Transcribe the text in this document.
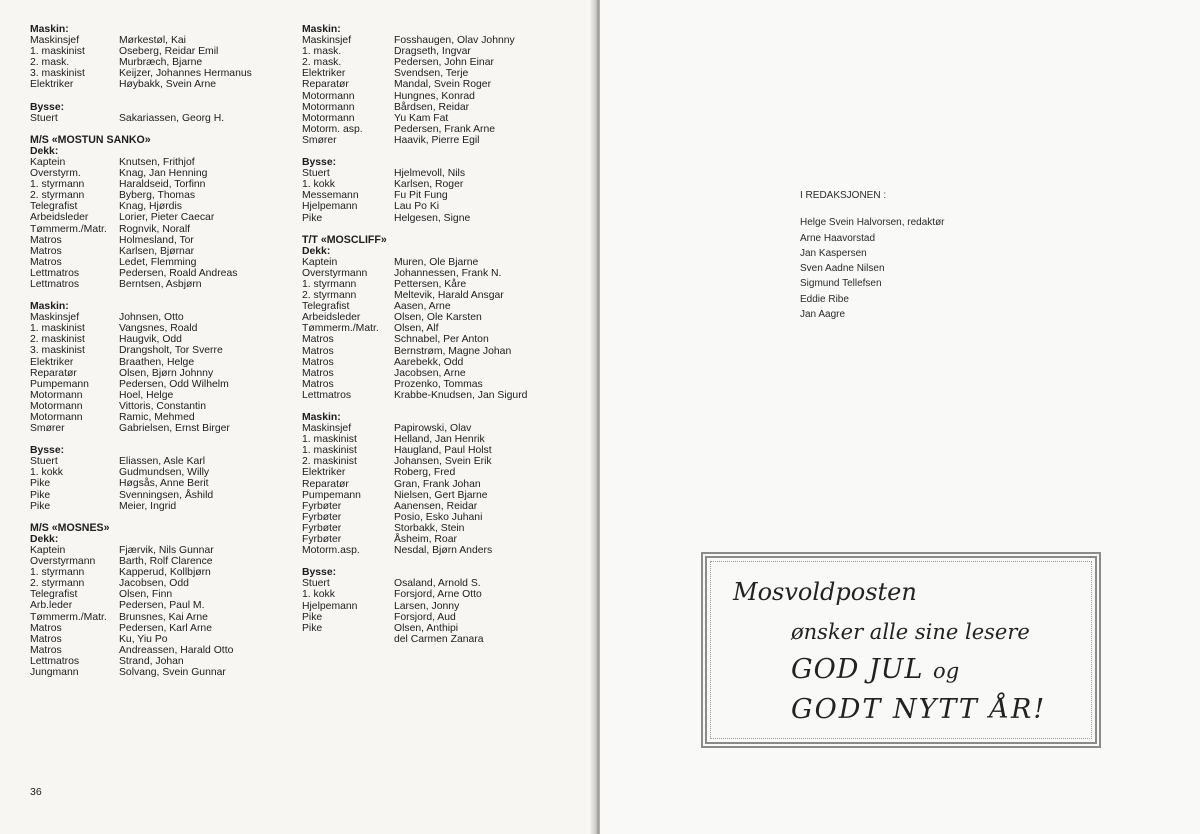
Maskin:
Maskinsjef	Mørkestøl, Kai
1. maskinist	Oseberg, Reidar Emil
2. mask.	Murbræch, Bjarne
3. maskinist	Keijzer, Johannes Hermanus
Elektriker	Høybakk, Svein Arne
Bysse:
Stuert	Sakariassen, Georg H.
M/S «MOSTUN SANKO»
Dekk:
Kaptein	Knutsen, Frithjof
Overstyrm.	Knag, Jan Henning
1. styrmann	Haraldseid, Torfinn
2. styrmann	Byberg, Thomas
Telegrafist	Knag, Hjørdis
Arbeidsleder	Lorier, Pieter Caecar
Tømmerm./Matr.	Rognvik, Noralf
Matros	Holmesland, Tor
Matros	Karlsen, Bjørnar
Matros	Ledet, Flemming
Lettmatros	Pedersen, Roald Andreas
Lettmatros	Berntsen, Asbjørn
Maskin:
Maskinsjef	Johnsen, Otto
1. maskinist	Vangsnes, Roald
2. maskinist	Haugvik, Odd
3. maskinist	Drangsholt, Tor Sverre
Elektriker	Braathen, Helge
Reparatør	Olsen, Bjørn Johnny
Pumpemann	Pedersen, Odd Wilhelm
Motormann	Hoel, Helge
Motormann	Vittoris, Constantin
Motormann	Ramic, Mehmed
Smører	Gabrielsen, Ernst Birger
Bysse:
Stuert	Eliassen, Asle Karl
1. kokk	Gudmundsen, Willy
Pike	Høgsås, Anne Berit
Pike	Svenningsen, Åshild
Pike	Meier, Ingrid
M/S «MOSNES»
Dekk:
Kaptein	Fjærvik, Nils Gunnar
Overstyrmann	Barth, Rolf Clarence
1. styrmann	Kapperud, Kollbjørn
2. styrmann	Jacobsen, Odd
Telegrafist	Olsen, Finn
Arb.leder	Pedersen, Paul M.
Tømmerm./Matr.	Brunsnes, Kai Arne
Matros	Pedersen, Karl Arne
Matros	Ku, Yiu Po
Matros	Andreassen, Harald Otto
Lettmatros	Strand, Johan
Jungmann	Solvang, Svein Gunnar
Maskin:
Maskinsjef	Fosshaugen, Olav Johnny
1. mask.	Dragseth, Ingvar
2. mask.	Pedersen, John Einar
Elektriker	Svendsen, Terje
Reparatør	Mandal, Svein Roger
Motormann	Hungnes, Konrad
Motormann	Bårdsen, Reidar
Motormann	Yu Kam Fat
Motorm. asp.	Pedersen, Frank Arne
Smører	Haavik, Pierre Egil
Bysse:
Stuert	Hjelmevoll, Nils
1. kokk	Karlsen, Roger
Messemann	Fu Pit Fung
Hjelpemann	Lau Po Ki
Pike	Helgesen, Signe
T/T «MOSCLIFF»
Dekk:
Kaptein	Muren, Ole Bjarne
Overstyrmann	Johannessen, Frank N.
1. styrmann	Pettersen, Kåre
2. styrmann	Meltevik, Harald Ansgar
Telegrafist	Aasen, Arne
Arbeidsleder	Olsen, Ole Karsten
Tømmerm./Matr.	Olsen, Alf
Matros	Schnabel, Per Anton
Matros	Bernstrøm, Magne Johan
Matros	Aarebekk, Odd
Matros	Jacobsen, Arne
Matros	Prozenko, Tommas
Lettmatros	Krabbe-Knudsen, Jan Sigurd
Maskin:
Maskinsjef	Papirowski, Olav
1. maskinist	Helland, Jan Henrik
1. maskinist	Haugland, Paul Holst
2. maskinist	Johansen, Svein Erik
Elektriker	Roberg, Fred
Reparatør	Gran, Frank Johan
Pumpemann	Nielsen, Gert Bjarne
Fyrbøter	Aanensen, Reidar
Fyrbøter	Posio, Esko Juhani
Fyrbøter	Storbakk, Stein
Fyrbøter	Åsheim, Roar
Motorm.asp.	Nesdal, Bjørn Anders
Bysse:
Stuert	Osaland, Arnold S.
1. kokk	Forsjord, Arne Otto
Hjelpemann	Larsen, Jonny
Pike	Forsjord, Aud
Pike	Olsen, Anthipi
del Carmen Zanara
36
I REDAKSJONEN :
Helge Svein Halvorsen, redaktør
Arne Haavorstad
Jan Kaspersen
Sven Aadne Nilsen
Sigmund Tellefsen
Eddie Ribe
Jan Aagre
Mosvoldposten
ønsker alle sine lesere
GOD JUL og
GODT NYTT ÅR!
